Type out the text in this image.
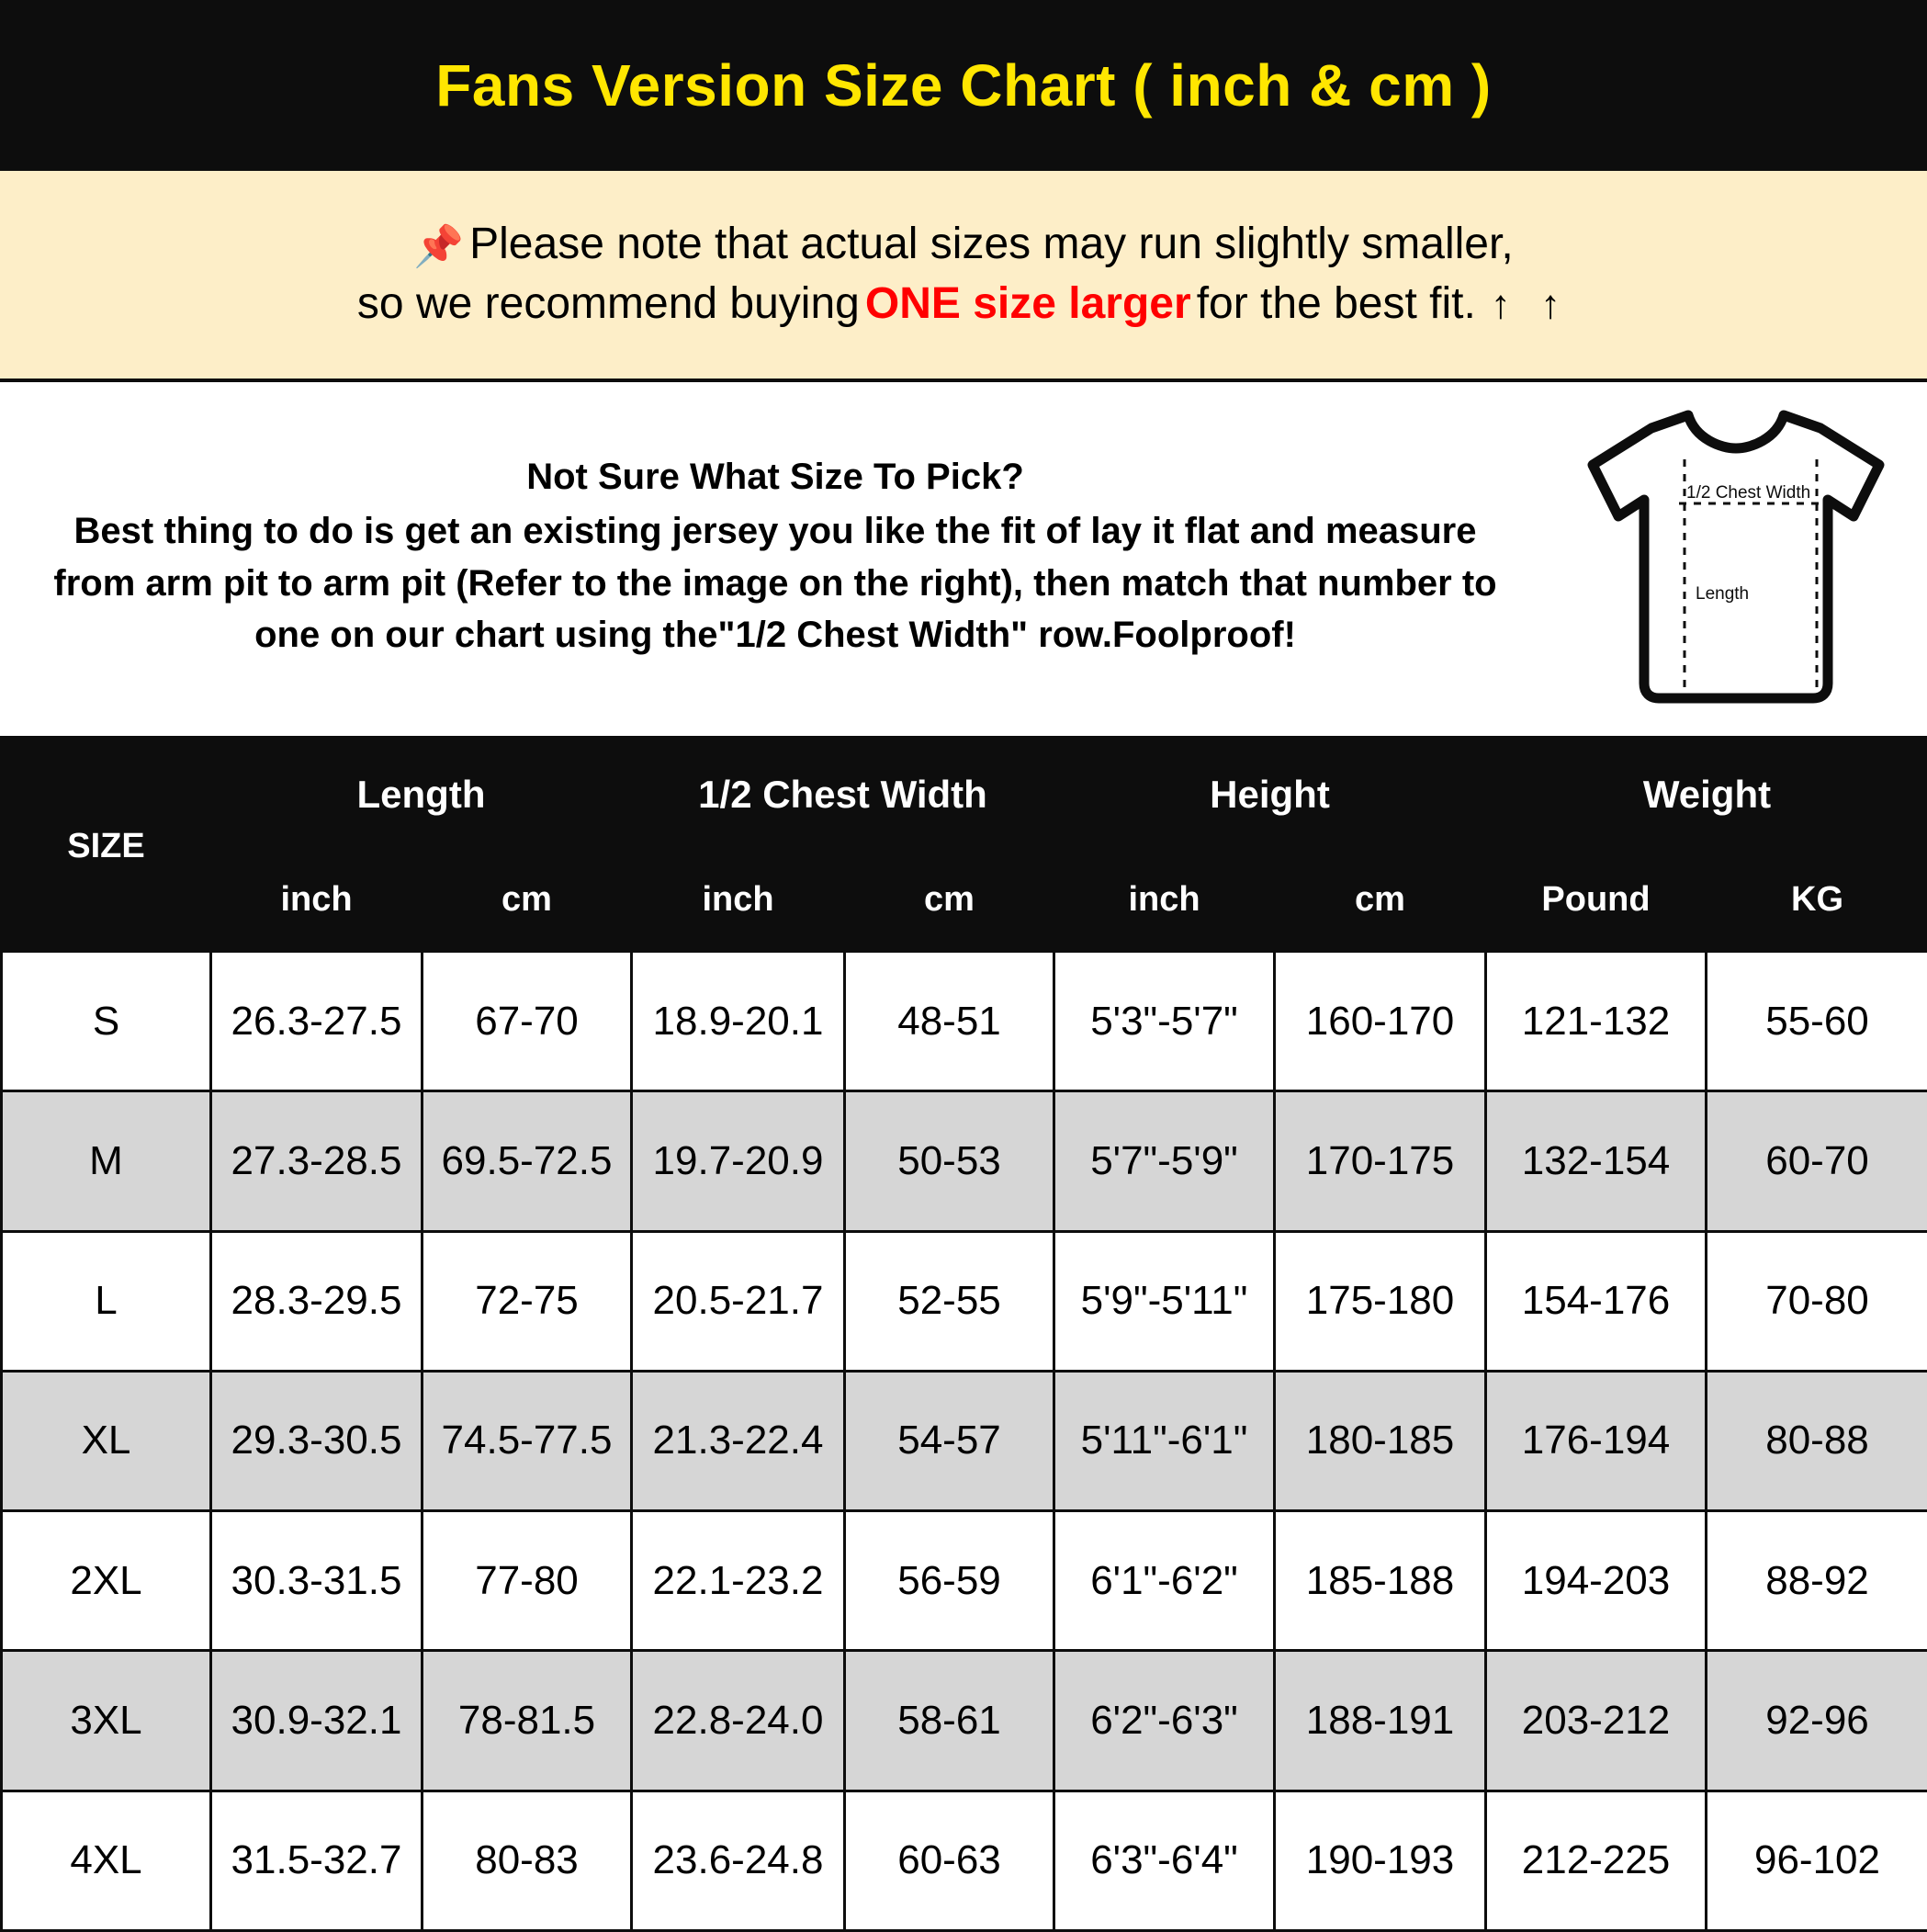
Fans Version Size Chart ( inch & cm )
📌 Please note that actual sizes may run slightly smaller,
so we recommend buying ONE size larger for the best fit. ↑ ↑
Not Sure What Size To Pick?
Best thing to do is get an existing jersey you like the fit of lay it flat and measure from arm pit to arm pit (Refer to the image on the right), then match that number to one on our chart using the"1/2 Chest Width" row.Foolproof!
1/2 Chest Width
Length
SIZE	Length		1/2 Chest Width		Height		Weight	
	inch	cm	inch	cm	inch	cm	Pound	KG
S	26.3-27.5	67-70	18.9-20.1	48-51	5'3"-5'7"	160-170	121-132	55-60
M	27.3-28.5	69.5-72.5	19.7-20.9	50-53	5'7"-5'9"	170-175	132-154	60-70
L	28.3-29.5	72-75	20.5-21.7	52-55	5'9"-5'11"	175-180	154-176	70-80
XL	29.3-30.5	74.5-77.5	21.3-22.4	54-57	5'11"-6'1"	180-185	176-194	80-88
2XL	30.3-31.5	77-80	22.1-23.2	56-59	6'1"-6'2"	185-188	194-203	88-92
3XL	30.9-32.1	78-81.5	22.8-24.0	58-61	6'2"-6'3"	188-191	203-212	92-96
4XL	31.5-32.7	80-83	23.6-24.8	60-63	6'3"-6'4"	190-193	212-225	96-102
